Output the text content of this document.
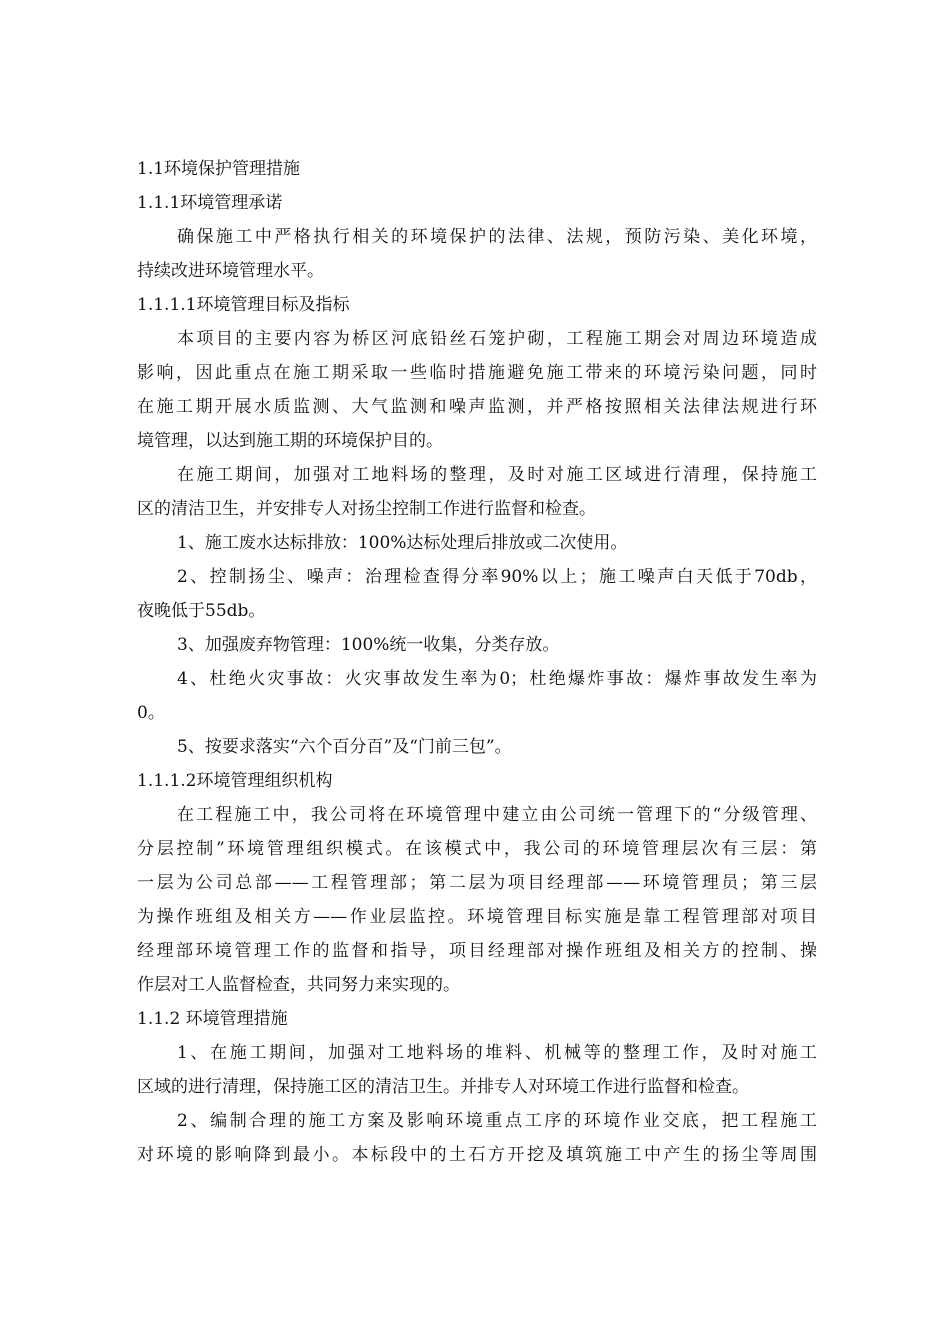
1.1环境保护管理措施
1.1.1环境管理承诺
确保施工中严格执行相关的环境保护的法律、法规，预防污染、美化环境，
持续改进环境管理水平。
1.1.1.1环境管理目标及指标
本项目的主要内容为桥区河底铅丝石笼护砌，工程施工期会对周边环境造成
影响，因此重点在施工期采取一些临时措施避免施工带来的环境污染问题，同时
在施工期开展水质监测、大气监测和噪声监测，并严格按照相关法律法规进行环
境管理，以达到施工期的环境保护目的。
在施工期间，加强对工地料场的整理，及时对施工区域进行清理，保持施工
区的清洁卫生，并安排专人对扬尘控制工作进行监督和检查。
1、施工废水达标排放：100%达标处理后排放或二次使用。
2、控制扬尘、噪声：治理检查得分率90%以上；施工噪声白天低于70db，
夜晚低于55db。
3、加强废弃物管理：100%统一收集，分类存放。
4、杜绝火灾事故：火灾事故发生率为0；杜绝爆炸事故：爆炸事故发生率为
0。
5、按要求落实“六个百分百”及“门前三包”。
1.1.1.2环境管理组织机构
在工程施工中，我公司将在环境管理中建立由公司统一管理下的“分级管理、
分层控制”环境管理组织模式。在该模式中，我公司的环境管理层次有三层：第
一层为公司总部——工程管理部；第二层为项目经理部——环境管理员；第三层
为操作班组及相关方——作业层监控。环境管理目标实施是靠工程管理部对项目
经理部环境管理工作的监督和指导，项目经理部对操作班组及相关方的控制、操
作层对工人监督检查，共同努力来实现的。
1.1.2 环境管理措施
1、在施工期间，加强对工地料场的堆料、机械等的整理工作，及时对施工
区域的进行清理，保持施工区的清洁卫生。并排专人对环境工作进行监督和检查。
2、编制合理的施工方案及影响环境重点工序的环境作业交底，把工程施工
对环境的影响降到最小。本标段中的土石方开挖及填筑施工中产生的扬尘等周围
